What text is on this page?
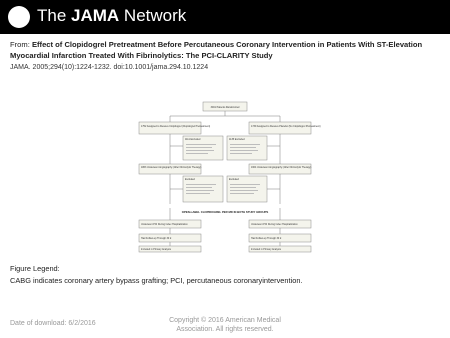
The JAMA Network
From: Effect of Clopidogrel Pretreatment Before Percutaneous Coronary Intervention in Patients With ST-Elevation Myocardial Infarction Treated With Fibrinolytics: The PCI-CLARITY Study
JAMA. 2005;294(10):1224-1232. doi:10.1001/jama.294.10.1224
3491 Patients Randomized
1752 Assigned to Receive Clopidogrel (Clopidogrel Pretreatment)	1739 Assigned to Receive Placebo (No Clopidogrel Pretreatment)
1111 Excluded	1135 Excluded
1863 Underwent Angiography (After Fibrinolytic Therapy)	1604 Underwent Angiography (After Fibrinolytic Therapy)
Excluded	Excluded
OPEN-LABEL CLOPIDOGREL PER MD IN BOTH STUDY GROUPS
Underwent PCI During Index Hospitalization	Underwent PCI During Index Hospitalization
Had Follow-up Through 30 d	Had Follow-up Through 30 d
Included in Primary Analysis	Included in Primary Analysis
Figure Legend:
CABG indicates coronary artery bypass grafting; PCI, percutaneous coronaryintervention.
Date of download: 6/2/2016	Copyright © 2016 American Medical
Association. All rights reserved.
